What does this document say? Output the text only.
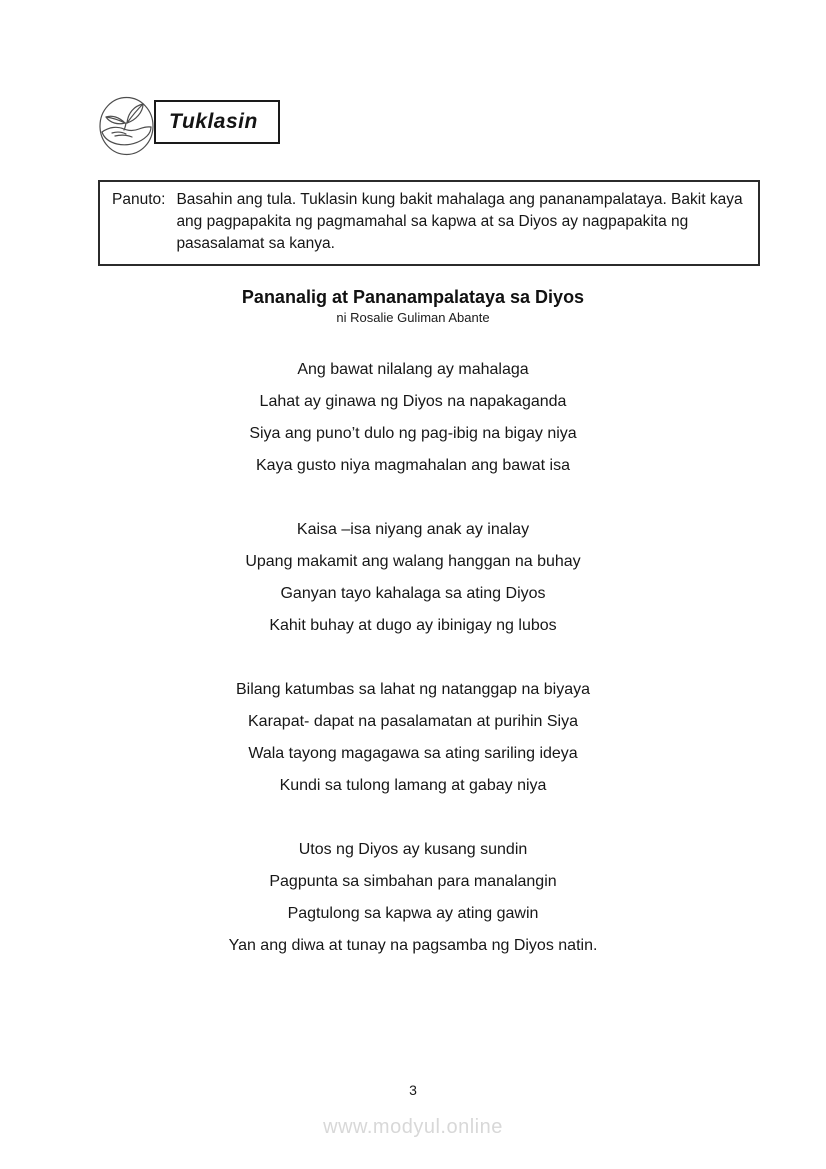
Tuklasin
Panuto: Basahin ang tula. Tuklasin kung bakit mahalaga ang pananampalataya. Bakit kaya ang pagpapakita ng pagmamahal sa kapwa at sa Diyos ay nagpapakita ng pasasalamat sa kanya.

Pananalig at Pananampalataya sa Diyos
ni Rosalie Guliman Abante

Ang bawat nilalang ay mahalaga

Lahat ay ginawa ng Diyos na napakaganda

Siya ang puno’t dulo ng pag-ibig na bigay niya

Kaya gusto niya magmahalan ang bawat isa

Kaisa –isa niyang anak ay inalay

Upang makamit ang walang hanggan na buhay

Ganyan tayo kahalaga sa ating Diyos

Kahit buhay at dugo ay ibinigay ng lubos

Bilang katumbas sa lahat ng natanggap na biyaya

Karapat- dapat na pasalamatan at purihin Siya

Wala tayong magagawa sa ating sariling ideya

Kundi sa tulong lamang at gabay niya

Utos ng Diyos ay kusang sundin

Pagpunta sa simbahan para manalangin

Pagtulong sa kapwa ay ating gawin

Yan ang diwa at tunay na pagsamba ng Diyos natin.

3
www.modyul.online
